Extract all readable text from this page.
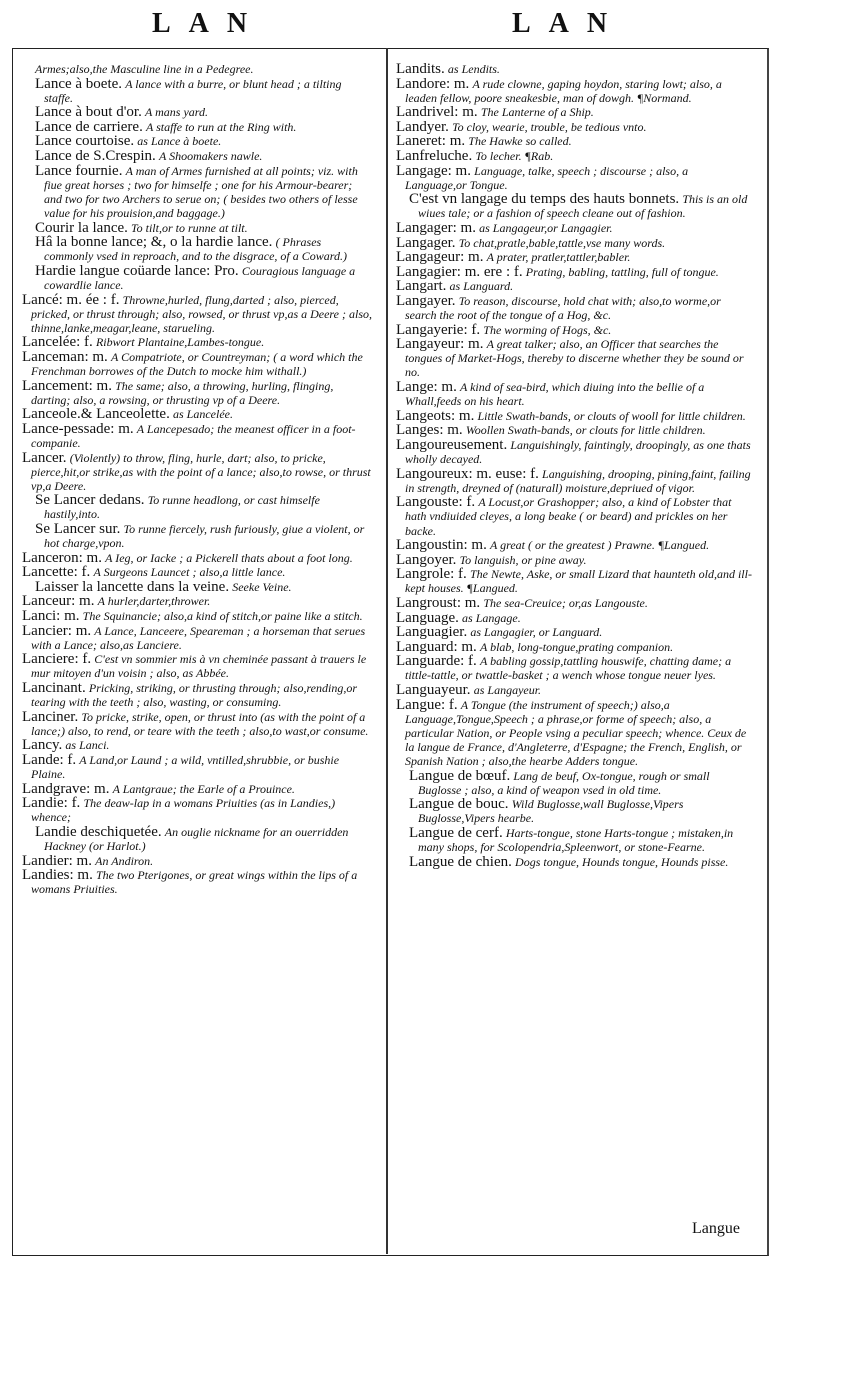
LAN	LAN

Armes;also,the Masculine line in a Pedegree.

Lance à boete. A lance with a burre, or blunt head ; a tilting staffe.

Lance à bout d'or. A mans yard.

Lance de carriere. A staffe to run at the Ring with.

Lance courtoise. as Lance à boete.

Lance de S.Crespin. A Shoomakers nawle.

Lance fournie. A man of Armes furnished at all points; viz. with fiue great horses ; two for himselfe ; one for his Armour-bearer; and two for two Archers to serue on; ( besides two others of lesse value for his prouision,and baggage.)

Courir la lance. To tilt,or to runne at tilt.

Hâ la bonne lance; &, o la hardie lance. ( Phrases commonly vsed in reproach, and to the disgrace, of a Coward.)

Hardie langue coüarde lance: Pro. Couragious language a cowardlie lance.

Lancé: m. ée : f. Throwne,hurled, flung,darted ; also, pierced, pricked, or thrust through; also, rowsed, or thrust vp,as a Deere ; also, thinne,lanke,meagar,leane, starueling.

Lancelée: f. Ribwort Plantaine,Lambes-tongue.

Lanceman: m. A Compatriote, or Countreyman; ( a word which the Frenchman borrowes of the Dutch to mocke him withall.)

Lancement: m. The same; also, a throwing, hurling, flinging, darting; also, a rowsing, or thrusting vp of a Deere.

Lanceole.& Lanceolette. as Lancelée.

Lance-pessade: m. A Lancepesado; the meanest officer in a foot-companie.

Lancer. (Violently) to throw, fling, hurle, dart; also, to pricke, pierce,hit,or strike,as with the point of a lance; also,to rowse, or thrust vp,a Deere.

Se Lancer dedans. To runne headlong, or cast himselfe hastily,into.

Se Lancer sur. To runne fiercely, rush furiously, giue a violent, or hot charge,vpon.

Lanceron: m. A Ieg, or Iacke ; a Pickerell thats about a foot long.

Lancette: f. A Surgeons Launcet ; also,a little lance.

Laisser la lancette dans la veine. Seeke Veine.

Lanceur: m. A hurler,darter,thrower.

Lanci: m. The Squinancie; also,a kind of stitch,or paine like a stitch.

Lancier: m. A Lance, Lanceere, Speareman ; a horseman that serues with a Lance; also,as Lanciere.

Lanciere: f. C'est vn sommier mis à vn cheminée passant à trauers le mur mitoyen d'un voisin ; also, as Abbée.

Lancinant. Pricking, striking, or thrusting through; also,rending,or tearing with the teeth ; also, wasting, or consuming.

Lanciner. To pricke, strike, open, or thrust into (as with the point of a lance;) also, to rend, or teare with the teeth ; also,to wast,or consume.

Lancy. as Lanci.

Lande: f. A Land,or Laund ; a wild, vntilled,shrubbie, or bushie Plaine.

Landgrave: m. A Lantgraue; the Earle of a Prouince.

Landie: f. The deaw-lap in a womans Priuities (as in Landies,) whence;

Landie deschiquetée. An ouglie nickname for an ouerridden Hackney (or Harlot.)

Landier: m. An Andiron.

Landies: m. The two Pterigones, or great wings within the lips of a womans Priuities.

Landits. as Lendits.

Landore: m. A rude clowne, gaping hoydon, staring lowt; also, a leaden fellow, poore sneakesbie, man of dowgh. ¶Normand.

Landrivel: m. The Lanterne of a Ship.

Landyer. To cloy, wearie, trouble, be tedious vnto.

Laneret: m. The Hawke so called.

Lanfreluche. To lecher. ¶Rab.

Langage: m. Language, talke, speech ; discourse ; also, a Language,or Tongue.

C'est vn langage du temps des hauts bonnets. This is an old wiues tale; or a fashion of speech cleane out of fashion.

Langager: m. as Langageur,or Langagier.

Langager. To chat,pratle,bable,tattle,vse many words.

Langageur: m. A prater, pratler,tattler,babler.

Langagier: m. ere : f. Prating, babling, tattling, full of tongue.

Langart. as Languard.

Langayer. To reason, discourse, hold chat with; also,to worme,or search the root of the tongue of a Hog, &c.

Langayerie: f. The worming of Hogs, &c.

Langayeur: m. A great talker; also, an Officer that searches the tongues of Market-Hogs, thereby to discerne whether they be sound or no.

Lange: m. A kind of sea-bird, which diuing into the bellie of a Whall,feeds on his heart.

Langeots: m. Little Swath-bands, or clouts of wooll for little children.

Langes: m. Woollen Swath-bands, or clouts for little children.

Langoureusement. Languishingly, faintingly, droopingly, as one thats wholly decayed.

Langoureux: m. euse: f. Languishing, drooping, pining,faint, failing in strength, dreyned of (naturall) moisture,depriued of vigor.

Langouste: f. A Locust,or Grashopper; also, a kind of Lobster that hath vndiuided cleyes, a long beake ( or beard) and prickles on her backe.

Langoustin: m. A great ( or the greatest ) Prawne. ¶Langued.

Langoyer. To languish, or pine away.

Langrole: f. The Newte, Aske, or small Lizard that haunteth old,and ill-kept houses. ¶Langued.

Langroust: m. The sea-Creuice; or,as Langouste.

Language. as Langage.

Languagier. as Langagier, or Languard.

Languard: m. A blab, long-tongue,prating companion.

Languarde: f. A babling gossip,tattling houswife, chatting dame; a tittle-tattle, or twattle-basket ; a wench whose tongue neuer lyes.

Languayeur. as Langayeur.

Langue: f. A Tongue (the instrument of speech;) also,a Language,Tongue,Speech ; a phrase,or forme of speech; also, a particular Nation, or People vsing a peculiar speech; whence. Ceux de la langue de France, d'Angleterre, d'Espagne; the French, English, or Spanish Nation ; also,the hearbe Adders tongue.

Langue de bœuf. Lang de beuf, Ox-tongue, rough or small Buglosse ; also, a kind of weapon vsed in old time.

Langue de bouc. Wild Buglosse,wall Buglosse,Vipers Buglosse,Vipers hearbe.

Langue de cerf. Harts-tongue, stone Harts-tongue ; mistaken,in many shops, for Scolopendria,Spleenwort, or stone-Fearne.

Langue de chien. Dogs tongue, Hounds tongue, Hounds pisse.

Langue
